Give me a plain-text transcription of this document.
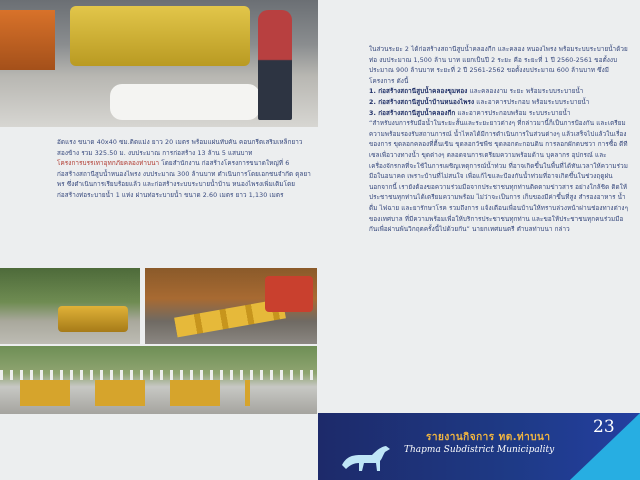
อัดแรง ขนาด 40x40 ซม.ติดแม่ง ยาว 20 เมตร พร้อมแผ่นทับคัน คอนกรีตเสริมเหล็กยาวสองข้าง รวม 325.50 ม. งบประมาณ การก่อสร้าง 13 ล้าน 5 แสนบาท

โครงการบรรเทาอุทกภัยคลองท่าบนา โดยสำนักงาน ก่อสร้างโครงการขนาดใหญ่ที่ 6 ก่อสร้างสถานีสูบน้ำหนองไพรง งบประมาณ 300 ล้านบาท ดำเนินการโดยเอกชนจำกัด ดุลยาพร ซึ่งดำเนินการเรียบร้อยแล้ว และก่อสร้างระบบระบายน้ำบ้าน หนองไพรงเพิ่มเติมโดยก่อสร้างท่อระบายน้ำ 1 แห่ง ผ่านท่อระบายน้ำ ขนาด 2.60 เมตร ยาว 1,130 เมตร

ในส่วนระยะ 2 ได้ก่อสร้างสถานีสูบน้ำคลองกีก และคลอง หนองไพรง พร้อมระบบระบายน้ำด้วยท่อ งบประมาณ 1,500 ล้าน บาท แยกเป็นปี 2 ระยะ คือ ระยะที่ 1 ปี 2560-2561 ขอตั้งงบประมาณ 900 ล้านบาท ระยะที่ 2 ปี 2561-2562 ขอตั้งงบประมาณ 600 ล้านบาท ซึ่งมีโครงการ ดังนี้

1. ก่อสร้างสถานีสูบน้ำคลองขุมทอง และคลองงาม ระยะ พร้อมระบบระบายน้ำ

2. ก่อสร้างสถานีสูบน้ำบ้านหนองไพรง และอาคารประกอบ พร้อมระบบระบายน้ำ

3. ก่อสร้างสถานีสูบน้ำคลองกีก และอาคารประกอบพร้อม ระบบระบายน้ำ

“สำหรับงบการรับมือน้ำในระยะสั้นและระยะยาวต่างๆ ที่กล่าวมานี้ก็เป็นการป้องกัน และเตรียมความพร้อมรองรับสถานการณ์ น้ำไหลได้มีการดำเนินการในส่วนต่างๆ แล้วเสร็จไปแล้วในเรื่องของการ ขุดลอกคลองที่ตื้นเขิน ขุดลอกวัชพืช ขุดลอกตะกอนดิน การลอกผักตบชวา การซื้อ ดีทีเซลเพื่อวางทางน้ำ ขุดต่างๆ ตลอดจนการเตรียมความพร้อมด้าน บุคลากร อุปกรณ์ และเครื่องจักรกลที่จะใช้ในการเผชิญเหตุการณ์น้ำท่วม ที่อาจเกิดขึ้นในพื้นที่ได้ทันเวลาให้ความร่วมมือในอนาคต เพราะบ้านที่ไม่สนใจ เพื่อแก้ไขและป้องกันน้ำท่วมที่อาจเกิดขึ้นในช่วงฤดูฝน นอกจากนี้ เรายังต้องขอความร่วมมือจากประชาชนทุกท่านติดตามข่าวสาร อย่างใกล้ชิด ติดให้ประชาชนทุกท่านได้เตรียมความพร้อม ไม่ว่าจะเป็นการ เก็บของมีค่าขึ้นที่สูง สำรองอาหาร น้ำดื่ม ไฟฉาย และยารักษาโรค รวมถึงการ แจ้งเตือนเพื่อนบ้านให้ทราบล่วงหน้าผ่านช่องทางต่างๆ ของเทศบาล ที่มีความพร้อมเพื่อให้บริการประชาชนทุกท่าน และขอให้ประชาชนทุกคนร่วมมือกันเพื่อผ่านพ้นวิกฤตครั้งนี้ไปด้วยกัน” นายกเทศมนตรี ตำบลท่าบนา กล่าว

รายงานกิจการ ทต.ท่าบนา
Thapma Subdistrict Municipality
23
